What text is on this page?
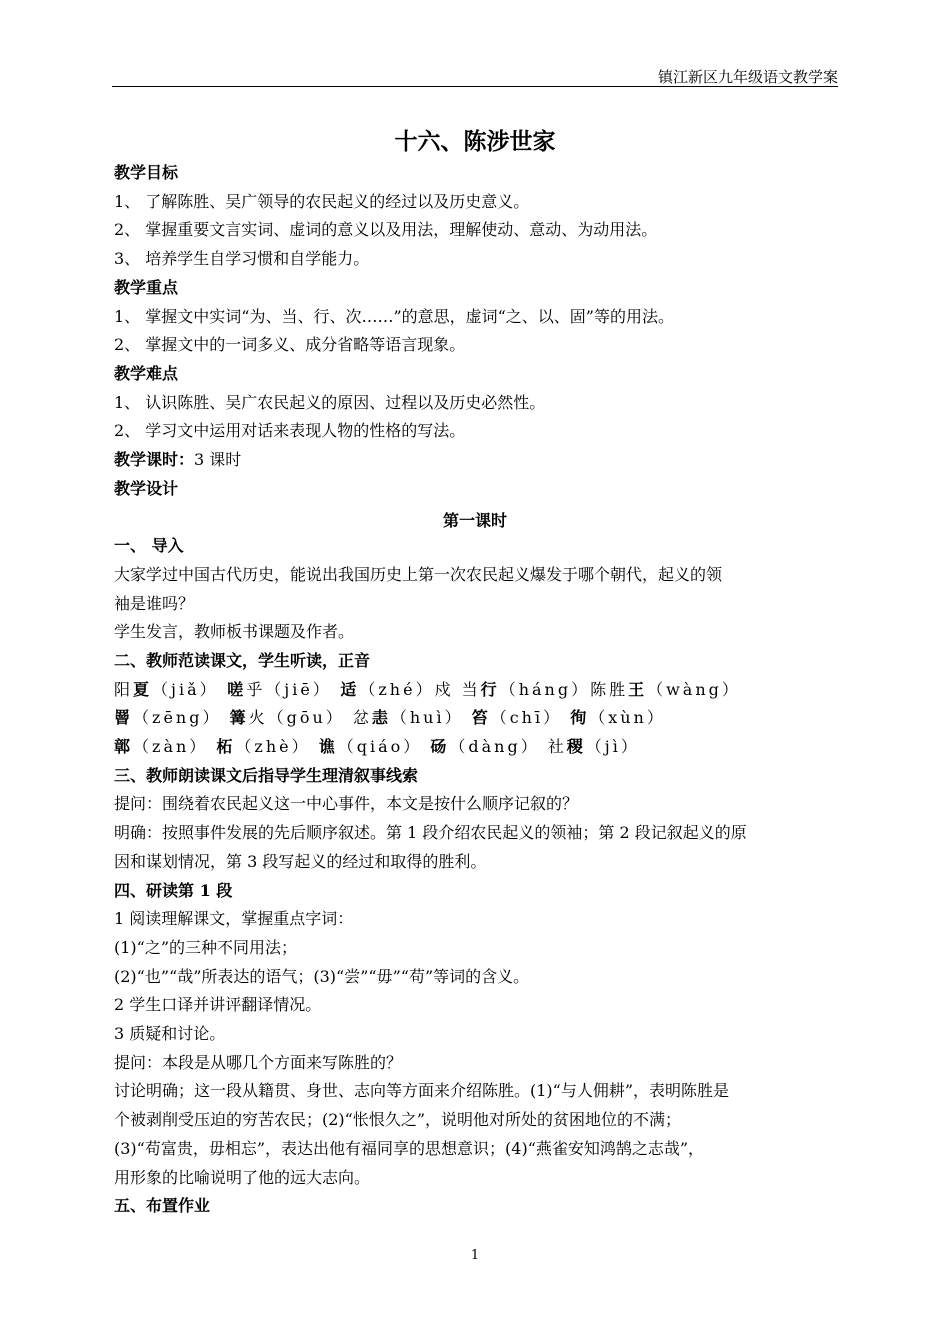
镇江新区九年级语文教学案
十六、陈涉世家
教学目标
1、 了解陈胜、吴广领导的农民起义的经过以及历史意义。
2、 掌握重要文言实词、虚词的意义以及用法，理解使动、意动、为动用法。
3、 培养学生自学习惯和自学能力。
教学重点
1、 掌握文中实词“为、当、行、次……”的意思，虚词“之、以、固”等的用法。
2、 掌握文中的一词多义、成分省略等语言现象。
教学难点
1、 认识陈胜、吴广农民起义的原因、过程以及历史必然性。
2、 学习文中运用对话来表现人物的性格的写法。
教学课时：3 课时
教学设计
第一课时
一、 导入
大家学过中国古代历史，能说出我国历史上第一次农民起义爆发于哪个朝代，起义的领
袖是谁吗？
学生发言，教师板书课题及作者。
二、教师范读课文，学生听读，正音
阳夏（jiǎ） 嗟乎（jiē） 适（zhé）戍 当行（háng）陈胜王（wàng）
罾（zēng） 篝火（gōu） 忿恚（huì） 笞（chī） 徇（xùn）
鄣（zàn） 柘（zhè） 谯（qiáo） 砀（dàng） 社稷（jì）
三、教师朗读课文后指导学生理清叙事线索
提问：围绕着农民起义这一中心事件，本文是按什么顺序记叙的？
明确：按照事件发展的先后顺序叙述。第 1 段介绍农民起义的领袖；第 2 段记叙起义的原
因和谋划情况，第 3 段写起义的经过和取得的胜利。
四、研读第 1 段
1 阅读理解课文，掌握重点字词：
(1)“之”的三种不同用法；
(2)“也”“哉”所表达的语气；(3)“尝”“毋”“苟”等词的含义。
2 学生口译并讲评翻译情况。
3 质疑和讨论。
提问：本段是从哪几个方面来写陈胜的？
讨论明确；这一段从籍贯、身世、志向等方面来介绍陈胜。(1)“与人佣耕”，表明陈胜是
个被剥削受压迫的穷苦农民；(2)“怅恨久之”，说明他对所处的贫困地位的不满；
(3)“苟富贵，毋相忘”，表达出他有福同享的思想意识；(4)“燕雀安知鸿鹄之志哉”，
用形象的比喻说明了他的远大志向。
五、布置作业
1
